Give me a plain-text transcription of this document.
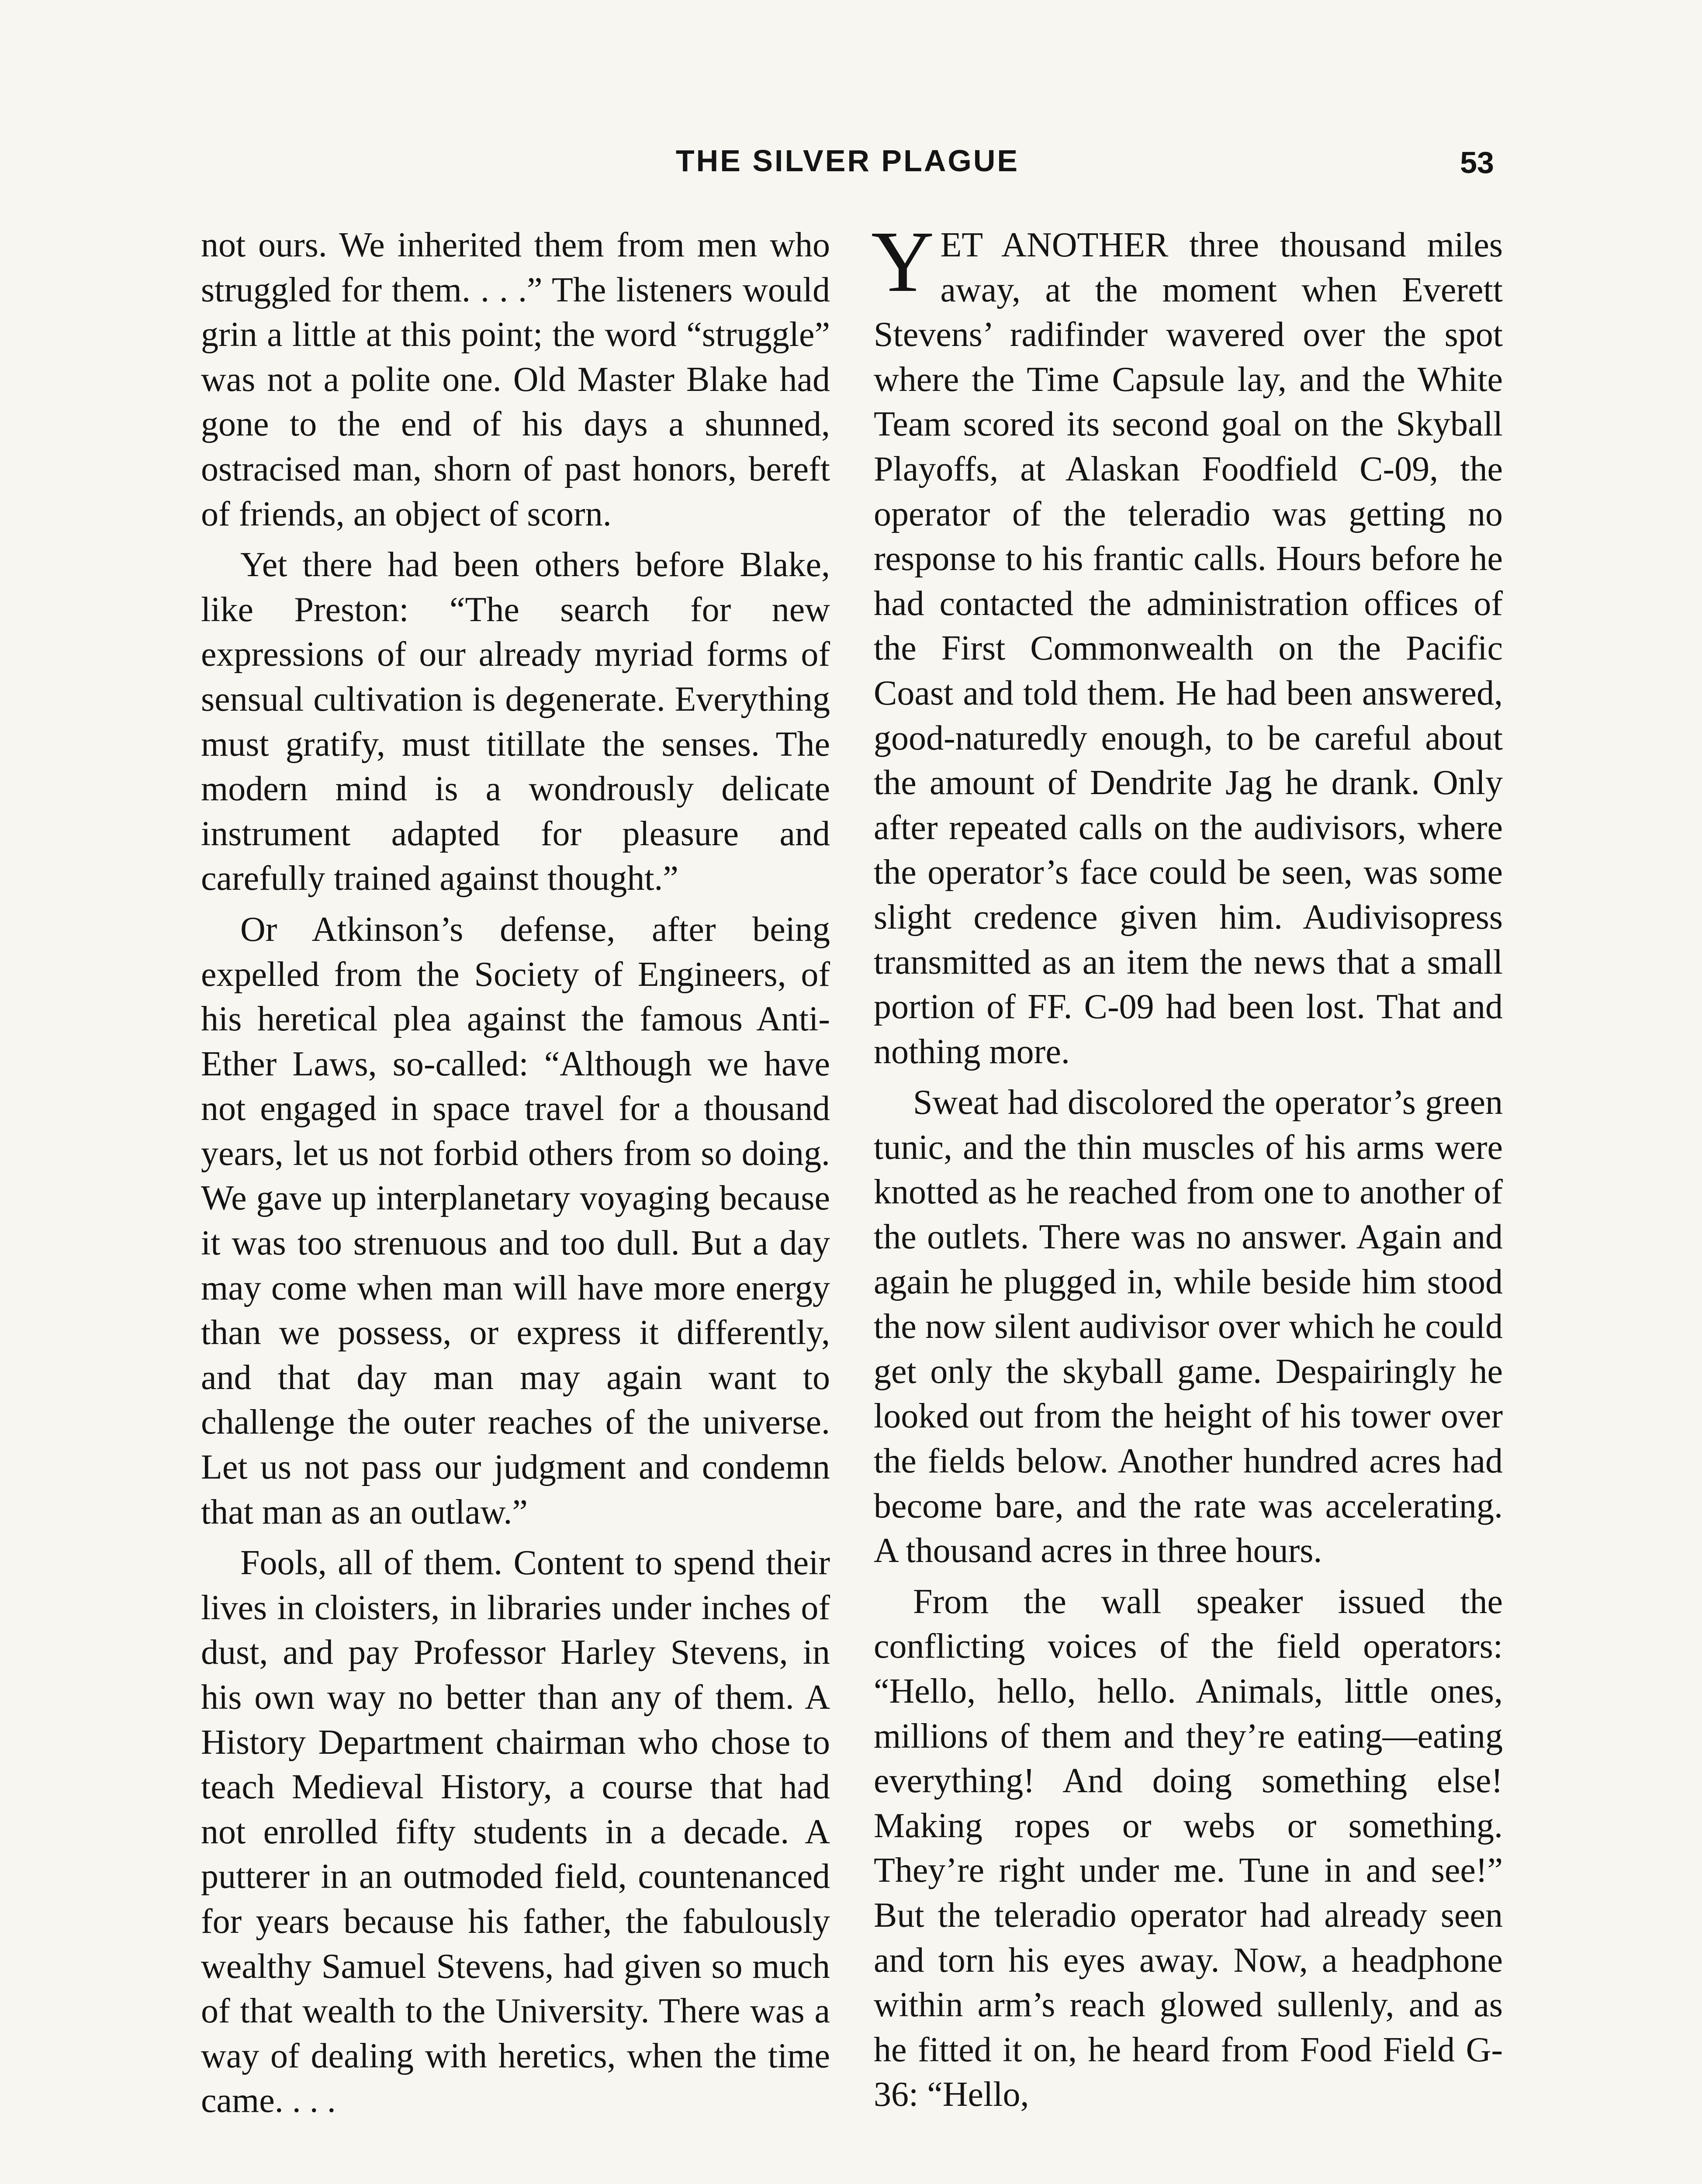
THE SILVER PLAGUE	53

not ours. We inherited them from men who struggled for them. . . .” The listeners would grin a little at this point; the word “struggle” was not a polite one. Old Master Blake had gone to the end of his days a shunned, ostracised man, shorn of past honors, bereft of friends, an object of scorn.

Yet there had been others before Blake, like Preston: “The search for new expressions of our already myriad forms of sensual cultivation is degenerate. Everything must gratify, must titillate the senses. The modern mind is a wondrously delicate instrument adapted for pleasure and carefully trained against thought.”

Or Atkinson’s defense, after being expelled from the Society of Engineers, of his heretical plea against the famous Anti-Ether Laws, so-called: “Although we have not engaged in space travel for a thousand years, let us not forbid others from so doing. We gave up interplanetary voyaging because it was too strenuous and too dull. But a day may come when man will have more energy than we possess, or express it differently, and that day man may again want to challenge the outer reaches of the universe. Let us not pass our judgment and condemn that man as an outlaw.”

Fools, all of them. Content to spend their lives in cloisters, in libraries under inches of dust, and pay Professor Harley Stevens, in his own way no better than any of them. A History Department chairman who chose to teach Medieval History, a course that had not enrolled fifty students in a decade. A putterer in an outmoded field, countenanced for years because his father, the fabulously wealthy Samuel Stevens, had given so much of that wealth to the University. There was a way of dealing with heretics, when the time came. . . .

YET ANOTHER three thousand miles away, at the moment when Everett Stevens’ radifinder wavered over the spot where the Time Capsule lay, and the White Team scored its second goal on the Skyball Playoffs, at Alaskan Foodfield C-09, the operator of the teleradio was getting no response to his frantic calls. Hours before he had contacted the administration offices of the First Commonwealth on the Pacific Coast and told them. He had been answered, good-naturedly enough, to be careful about the amount of Dendrite Jag he drank. Only after repeated calls on the audivisors, where the operator’s face could be seen, was some slight credence given him. Audivisopress transmitted as an item the news that a small portion of FF. C-09 had been lost. That and nothing more.

Sweat had discolored the operator’s green tunic, and the thin muscles of his arms were knotted as he reached from one to another of the outlets. There was no answer. Again and again he plugged in, while beside him stood the now silent audivisor over which he could get only the skyball game. Despairingly he looked out from the height of his tower over the fields below. Another hundred acres had become bare, and the rate was accelerating. A thousand acres in three hours.

From the wall speaker issued the conflicting voices of the field operators: “Hello, hello, hello. Animals, little ones, millions of them and they’re eating—eating everything! And doing something else! Making ropes or webs or something. They’re right under me. Tune in and see!” But the teleradio operator had already seen and torn his eyes away. Now, a headphone within arm’s reach glowed sullenly, and as he fitted it on, he heard from Food Field G-36: “Hello,
